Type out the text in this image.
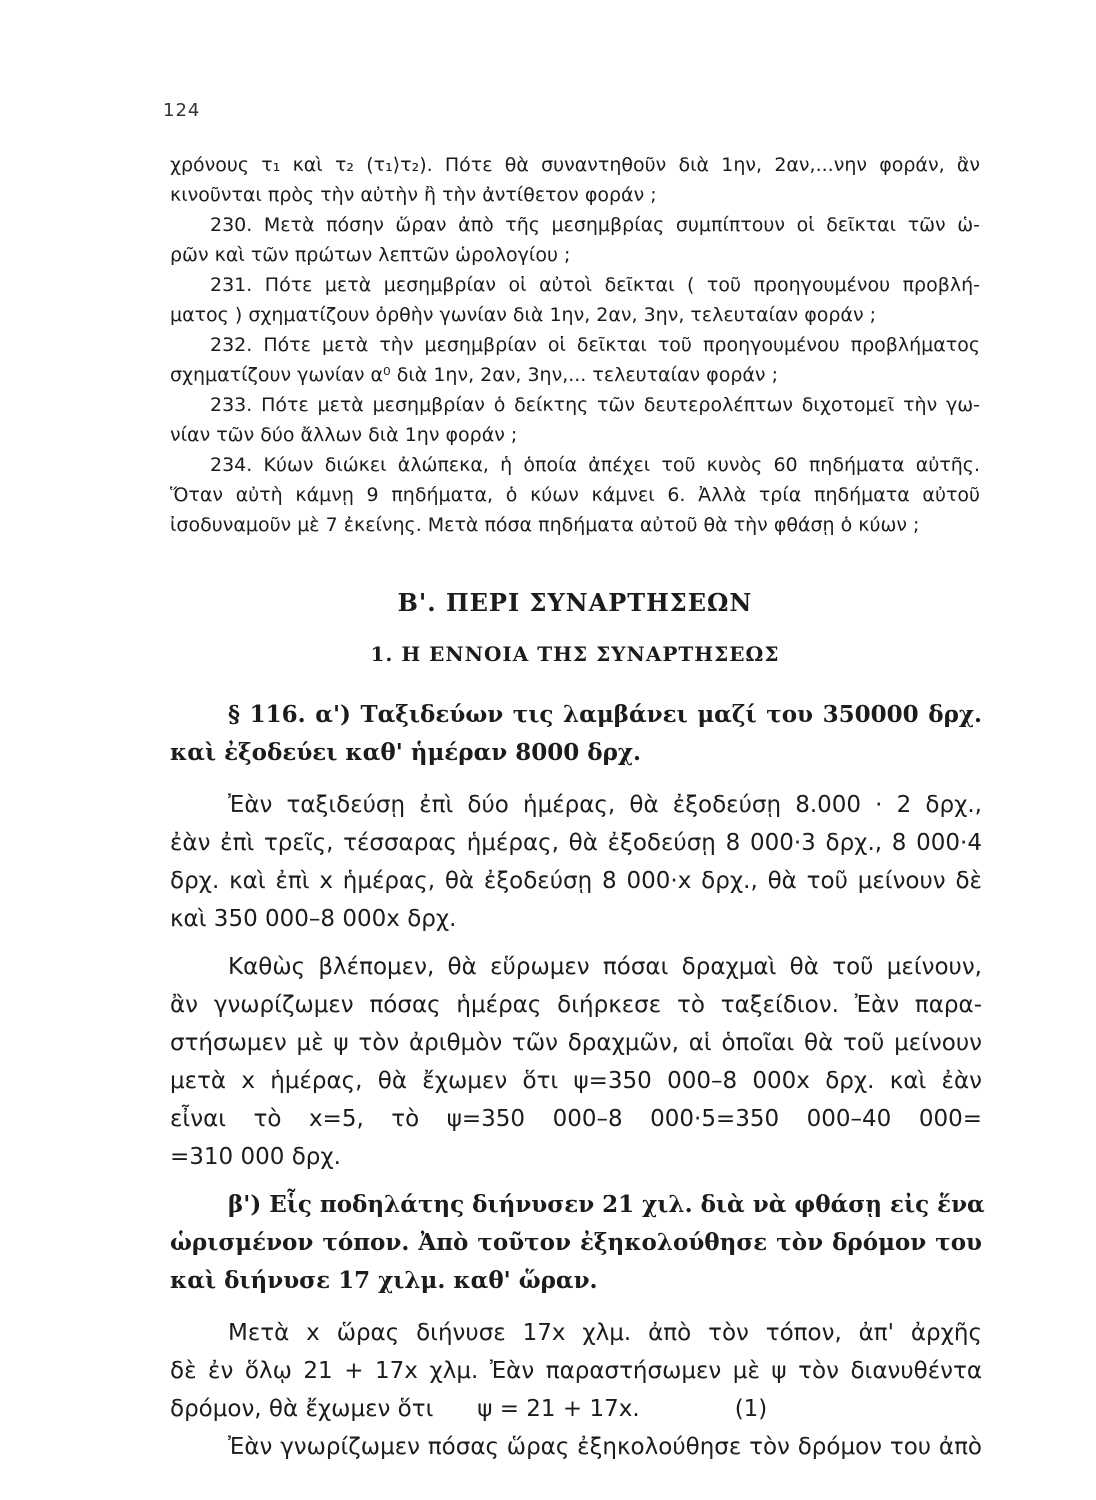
124
χρόνους τ₁ καὶ τ₂ (τ₁⟩τ₂). Πότε θὰ συναντηθοῦν διὰ 1ην, 2αν,...νην φοράν, ἂν
κινοῦνται πρὸς τὴν αὐτὴν ἢ τὴν ἀντίθετον φοράν ;
230. Μετὰ πόσην ὥραν ἀπὸ τῆς μεσημβρίας συμπίπτουν οἱ δεῖκται τῶν ὡ-
ρῶν καὶ τῶν πρώτων λεπτῶν ὡρολογίου ;
231. Πότε μετὰ μεσημβρίαν οἱ αὐτοὶ δεῖκται ( τοῦ προηγουμένου προβλή-
ματος ) σχηματίζουν ὀρθὴν γωνίαν διὰ 1ην, 2αν, 3ην, τελευταίαν φοράν ;
232. Πότε μετὰ τὴν μεσημβρίαν οἱ δεῖκται τοῦ προηγουμένου προβλήματος
σχηματίζουν γωνίαν α⁰ διὰ 1ην, 2αν, 3ην,... τελευταίαν φοράν ;
233. Πότε μετὰ μεσημβρίαν ὁ δείκτης τῶν δευτερολέπτων διχοτομεῖ τὴν γω-
νίαν τῶν δύο ἄλλων διὰ 1ην φοράν ;
234. Κύων διώκει ἀλώπεκα, ἡ ὁποία ἀπέχει τοῦ κυνὸς 60 πηδήματα αὐτῆς.
Ὅταν αὐτὴ κάμνῃ 9 πηδήματα, ὁ κύων κάμνει 6. Ἀλλὰ τρία πηδήματα αὐτοῦ
ἰσοδυναμοῦν μὲ 7 ἐκείνης. Μετὰ πόσα πηδήματα αὐτοῦ θὰ τὴν φθάσῃ ὁ κύων ;
Β'. ΠΕΡΙ ΣΥΝΑΡΤΗΣΕΩΝ
1. Η ΕΝΝΟΙΑ ΤΗΣ ΣΥΝΑΡΤΗΣΕΩΣ
§ 116. α') Ταξιδεύων τις λαμβάνει μαζί του 350000 δρχ.
καὶ ἐξοδεύει καθ' ἡμέραν 8000 δρχ.
Ἐὰν ταξιδεύσῃ ἐπὶ δύο ἡμέρας, θὰ ἐξοδεύσῃ 8.000 · 2 δρχ.,
ἐὰν ἐπὶ τρεῖς, τέσσαρας ἡμέρας, θὰ ἐξοδεύσῃ 8 000·3 δρχ., 8 000·4
δρχ. καὶ ἐπὶ x ἡμέρας, θὰ ἐξοδεύσῃ 8 000·x δρχ., θὰ τοῦ μείνουν δὲ
καὶ 350 000–8 000x δρχ.
Καθὼς βλέπομεν, θὰ εὕρωμεν πόσαι δραχμαὶ θὰ τοῦ μείνουν,
ἂν γνωρίζωμεν πόσας ἡμέρας διήρκεσε τὸ ταξείδιον. Ἐὰν παρα-
στήσωμεν μὲ ψ τὸν ἀριθμὸν τῶν δραχμῶν, αἱ ὁποῖαι θὰ τοῦ μείνουν
μετὰ x ἡμέρας, θὰ ἔχωμεν ὅτι ψ=350 000–8 000x δρχ. καὶ ἐὰν
εἶναι τὸ x=5, τὸ ψ=350 000–8 000·5=350 000–40 000=
=310 000 δρχ.
β') Εἷς ποδηλάτης διήνυσεν 21 χιλ. διὰ νὰ φθάσῃ εἰς ἕνα
ὡρισμένον τόπον. Ἀπὸ τοῦτον ἐξηκολούθησε τὸν δρόμον του
καὶ διήνυσε 17 χιλμ. καθ' ὥραν.
Μετὰ x ὥρας διήνυσε 17x χλμ. ἀπὸ τὸν τόπον, ἀπ' ἀρχῆς
δὲ ἐν ὅλῳ 21 + 17x χλμ. Ἐὰν παραστήσωμεν μὲ ψ τὸν διανυθέντα
δρόμον, θὰ ἔχωμεν ὅτι      ψ = 21 + 17x.             (1)
Ἐὰν γνωρίζωμεν πόσας ὥρας ἐξηκολούθησε τὸν δρόμον του ἀπὸ
